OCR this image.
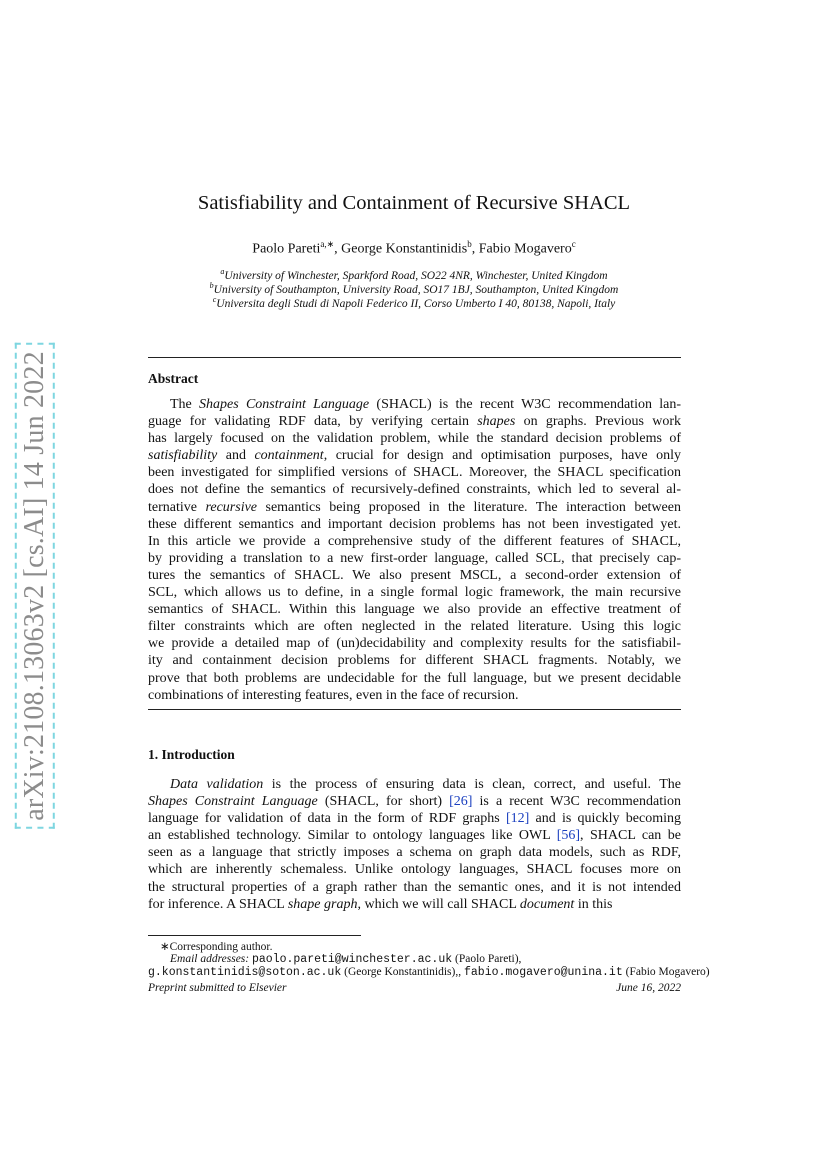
arXiv:2108.13063v2 [cs.AI] 14 Jun 2022
Satisfiability and Containment of Recursive SHACL
Paolo Pareti$^{a,∗}$, George Konstantinidis$^b$, Fabio Mogavero$^c$
$^a$University of Winchester, Sparkford Road, SO22 4NR, Winchester, United Kingdom
$^b$University of Southampton, University Road, SO17 1BJ, Southampton, United Kingdom
$^c$Universita degli Studi di Napoli Federico II, Corso Umberto I 40, 80138, Napoli, Italy
Abstract
The Shapes Constraint Language (SHACL) is the recent W3C recommendation lan-
guage for validating RDF data, by verifying certain shapes on graphs. Previous work
has largely focused on the validation problem, while the standard decision problems of
satisfiability and containment, crucial for design and optimisation purposes, have only
been investigated for simplified versions of SHACL. Moreover, the SHACL specification
does not define the semantics of recursively-defined constraints, which led to several al-
ternative recursive semantics being proposed in the literature. The interaction between
these different semantics and important decision problems has not been investigated yet.
In this article we provide a comprehensive study of the different features of SHACL,
by providing a translation to a new first-order language, called SCL, that precisely cap-
tures the semantics of SHACL. We also present MSCL, a second-order extension of
SCL, which allows us to define, in a single formal logic framework, the main recursive
semantics of SHACL. Within this language we also provide an effective treatment of
filter constraints which are often neglected in the related literature. Using this logic
we provide a detailed map of (un)decidability and complexity results for the satisfiabil-
ity and containment decision problems for different SHACL fragments. Notably, we
prove that both problems are undecidable for the full language, but we present decidable
combinations of interesting features, even in the face of recursion.
1. Introduction
Data validation is the process of ensuring data is clean, correct, and useful. The
Shapes Constraint Language (SHACL, for short) [26] is a recent W3C recommendation
language for validation of data in the form of RDF graphs [12] and is quickly becoming
an established technology. Similar to ontology languages like OWL [56], SHACL can be
seen as a language that strictly imposes a schema on graph data models, such as RDF,
which are inherently schemaless. Unlike ontology languages, SHACL focuses more on
the structural properties of a graph rather than the semantic ones, and it is not intended
for inference. A SHACL shape graph, which we will call SHACL document in this
∗Corresponding author.
Email addresses: paolo.pareti@winchester.ac.uk (Paolo Pareti),
g.konstantinidis@soton.ac.uk (George Konstantinidis),, fabio.mogavero@unina.it (Fabio Mogavero)
Preprint submitted to Elsevier	June 16, 2022
